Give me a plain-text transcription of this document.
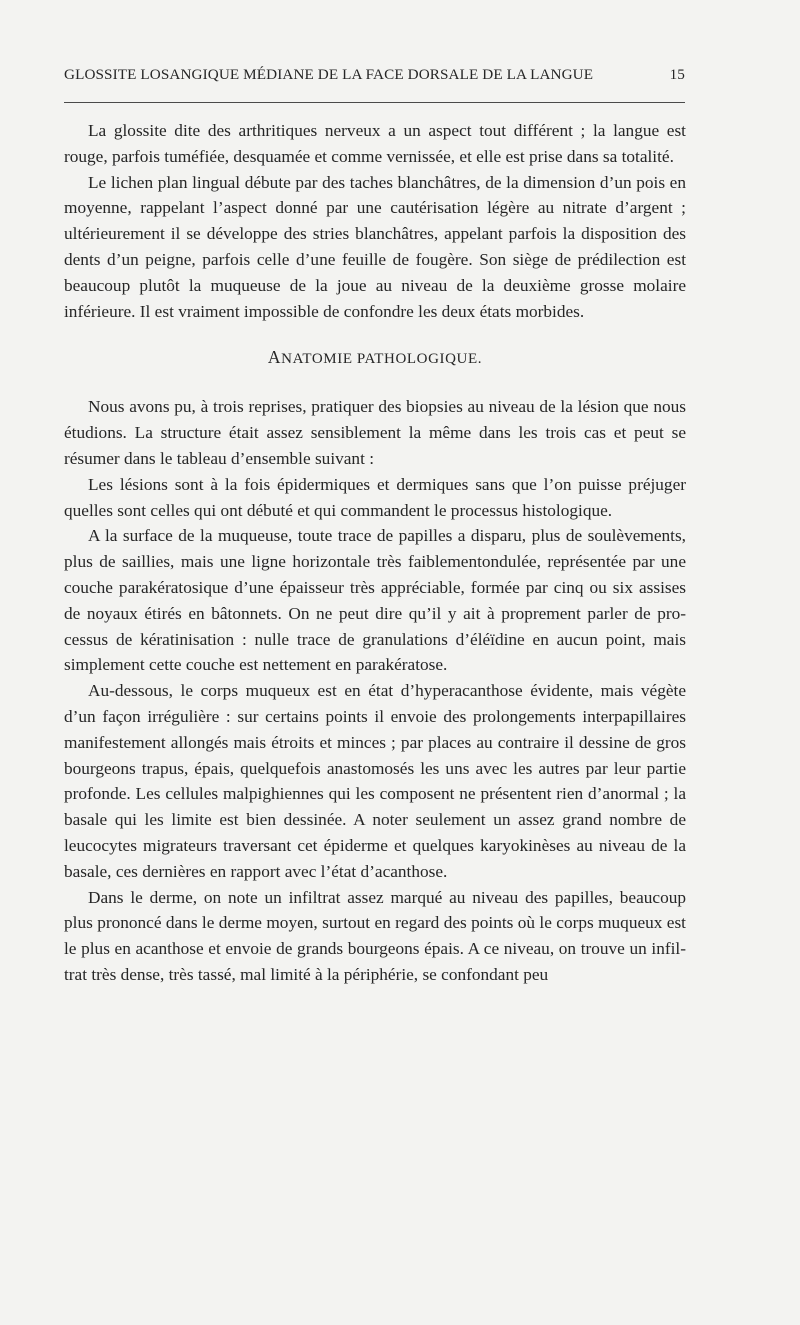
GLOSSITE LOSANGIQUE MÉDIANE DE LA FACE DORSALE DE LA LANGUE	15

La glossite dite des arthritiques nerveux a un aspect tout différent ; la langue est rouge, parfois tuméfiée, desquamée et comme vernissée, et elle est prise dans sa totalité.

Le lichen plan lingual débute par des taches blanchâtres, de la dimension d’un pois en moyenne, rappelant l’aspect donné par une cautérisation légère au nitrate d’argent ; ultérieurement il se développe des stries blanchâtres, appelant parfois la disposition des dents d’un peigne, parfois celle d’une feuille de fougère. Son siège de prédilection est beaucoup plutôt la muqueuse de la joue au niveau de la deuxième grosse molaire inférieure. Il est vraiment impossible de confondre les deux états morbides.

ANATOMIE PATHOLOGIQUE.

Nous avons pu, à trois reprises, pratiquer des biopsies au niveau de la lésion que nous étudions. La structure était assez sensiblement la même dans les trois cas et peut se résumer dans le tableau d’ensemble suivant :

Les lésions sont à la fois épidermiques et dermiques sans que l’on puisse préjuger quelles sont celles qui ont débuté et qui commandent le processus histologique.

A la surface de la muqueuse, toute trace de papilles a disparu, plus de soulèvements, plus de saillies, mais une ligne horizontale très faiblementondulée, représentée par une couche parakératosique d’une épaisseur très appréciable, formée par cinq ou six assises de noyaux étirés en bâtonnets. On ne peut dire qu’il y ait à proprement parler de processus de kératinisation : nulle trace de granulations d’éléïdine en aucun point, mais simplement cette couche est nettement en parakératose.

Au-dessous, le corps muqueux est en état d’hyperacanthose évidente, mais végète d’un façon irrégulière : sur certains points il envoie des prolongements interpapillaires manifestement allongés mais étroits et minces ; par places au contraire il dessine de gros bourgeons trapus, épais, quelquefois anastomosés les uns avec les autres par leur partie profonde. Les cellules malpighiennes qui les composent ne présentent rien d’anormal ; la basale qui les limite est bien dessinée. A noter seulement un assez grand nombre de leucocytes migrateurs traversant cet épiderme et quelques karyokinèses au niveau de la basale, ces dernières en rapport avec l’état d’acanthose.

Dans le derme, on note un infiltrat assez marqué au niveau des papilles, beaucoup plus prononcé dans le derme moyen, surtout en regard des points où le corps muqueux est le plus en acanthose et envoie de grands bourgeons épais. A ce niveau, on trouve un infiltrat très dense, très tassé, mal limité à la périphérie, se confondant peu
